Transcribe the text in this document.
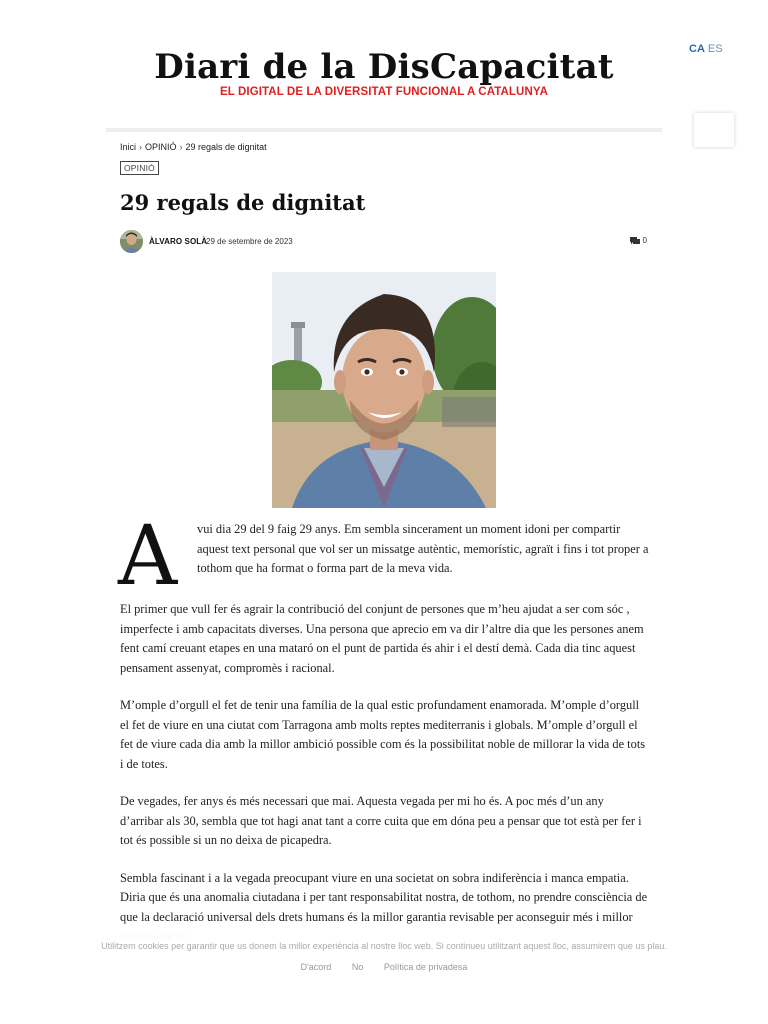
CA ES
Diari de la DisCapacitat
EL DIGITAL DE LA DIVERSITAT FUNCIONAL A CATALUNYA
Inici › OPINIÓ › 29 regals de dignitat
OPINIÓ
29 regals de dignitat
ÀLVARO SOLÀ
29 de setembre de 2023	0
A vui dia 29 del 9 faig 29 anys. Em sembla sincerament un moment idoni per compartir aquest text personal que vol ser un missatge autèntic, memorístic, agraït i fins i tot proper a tothom que ha format o forma part de la meva vida.

El primer que vull fer és agrair la contribució del conjunt de persones que m’heu ajudat a ser com sóc , imperfecte i amb capacitats diverses. Una persona que aprecio em va dir l’altre dia que les persones anem fent camí creuant etapes en una mataró on el punt de partida és ahir i el destí demà. Cada dia tinc aquest pensament assenyat, compromès i racional.

M’omple d’orgull el fet de tenir una família de la qual estic profundament enamorada. M’omple d’orgull el fet de viure en una ciutat com Tarragona amb molts reptes mediterranis i globals. M’omple d’orgull el fet de viure cada dia amb la millor ambició possible com és la possibilitat noble de millorar la vida de tots i de totes.

De vegades, fer anys és més necessari que mai. Aquesta vegada per mi ho és. A poc més d’un any d’arribar als 30, sembla que tot hagi anat tant a corre cuita que em dóna peu a pensar que tot està per fer i tot és possible si un no deixa de picapedra.

Sembla fascinant i a la vegada preocupant viure en una societat on sobra indiferència i manca empatia. Diria que és una anomalia ciutadana i per tant responsabilitat nostra, de tothom, no prendre consciència de que la declaració universal dels drets humans és la millor garantia revisable per aconseguir més i millor

Utilitzem cookies per garantir que us donem la millor experiència al nostre lloc web. Si continueu utilitzant aquest lloc, assumirem que us plau.
D'acord No Política de privadesa
